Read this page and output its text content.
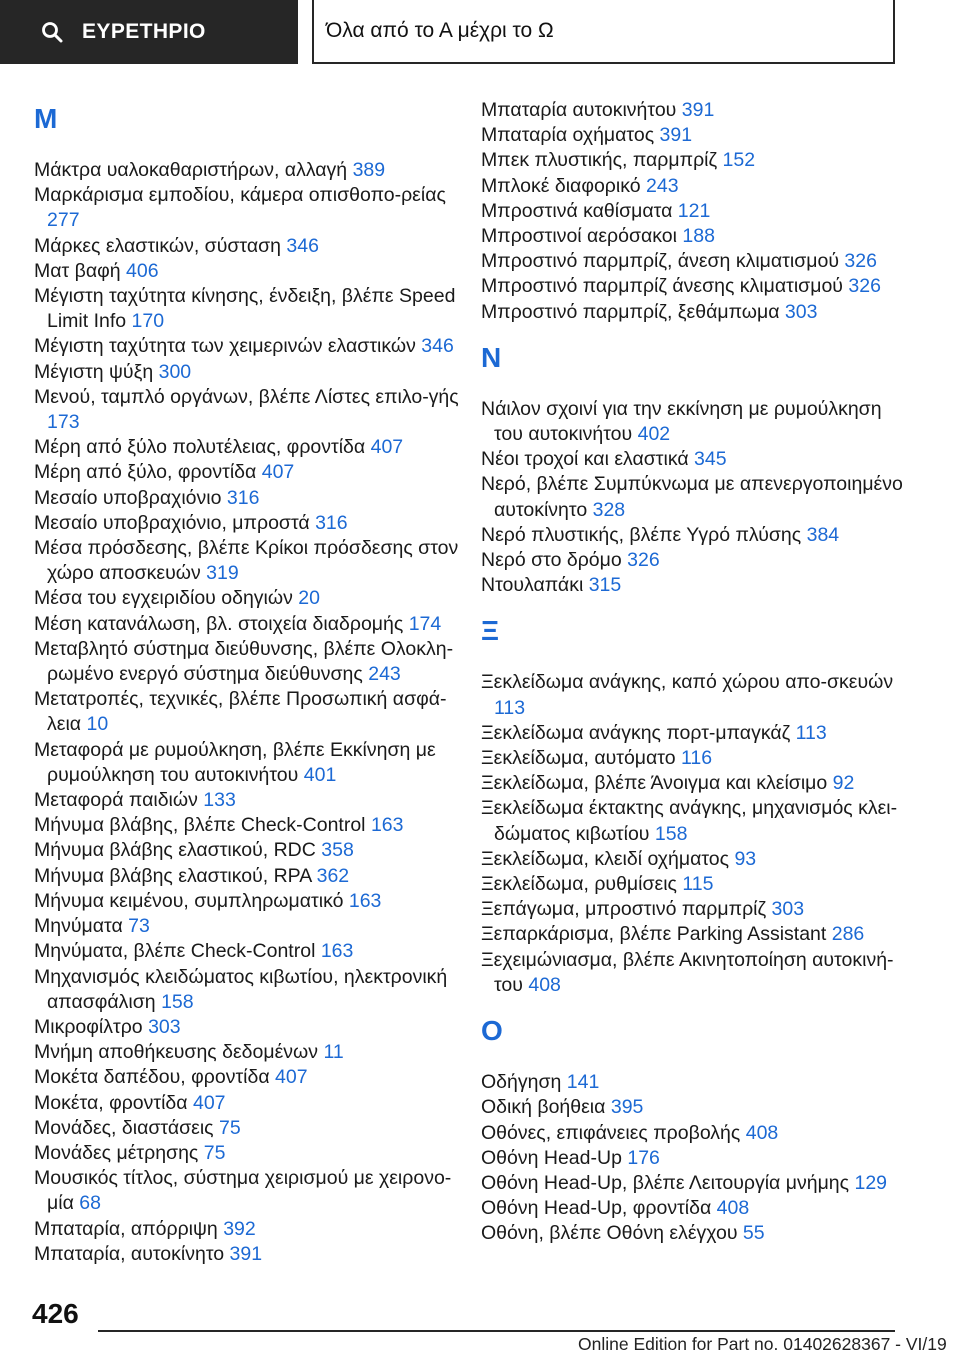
ΕΥΡΕΤΗΡΙΟ	Όλα από το Α μέχρι το Ω
M
Μάκτρα υαλοκαθαριστήρων, αλλαγή 389
Μαρκάρισμα εμποδίου, κάμερα οπισθοπο-ρείας 277
Μάρκες ελαστικών, σύσταση 346
Ματ βαφή 406
Μέγιστη ταχύτητα κίνησης, ένδειξη, βλέπε Speed Limit Info 170
Μέγιστη ταχύτητα των χειμερινών ελαστικών 346
Μέγιστη ψύξη 300
Μενού, ταμπλό οργάνων, βλέπε Λίστες επιλο-γής 173
Μέρη από ξύλο πολυτέλειας, φροντίδα 407
Μέρη από ξύλο, φροντίδα 407
Μεσαίο υποβραχιόνιο 316
Μεσαίο υποβραχιόνιο, μπροστά 316
Μέσα πρόσδεσης, βλέπε Κρίκοι πρόσδεσης στον χώρο αποσκευών 319
Μέσα του εγχειριδίου οδηγιών 20
Μέση κατανάλωση, βλ. στοιχεία διαδρομής 174
Μεταβλητό σύστημα διεύθυνσης, βλέπε Ολοκλη-ρωμένο ενεργό σύστημα διεύθυνσης 243
Μετατροπές, τεχνικές, βλέπε Προσωπική ασφά-λεια 10
Μεταφορά με ρυμούλκηση, βλέπε Εκκίνηση με ρυμούλκηση του αυτοκινήτου 401
Μεταφορά παιδιών 133
Μήνυμα βλάβης, βλέπε Check-Control 163
Μήνυμα βλάβης ελαστικού, RDC 358
Μήνυμα βλάβης ελαστικού, RPA 362
Μήνυμα κειμένου, συμπληρωματικό 163
Μηνύματα 73
Μηνύματα, βλέπε Check-Control 163
Μηχανισμός κλειδώματος κιβωτίου, ηλεκτρονική απασφάλιση 158
Μικροφίλτρο 303
Μνήμη αποθήκευσης δεδομένων 11
Μοκέτα δαπέδου, φροντίδα 407
Μοκέτα, φροντίδα 407
Μονάδες, διαστάσεις 75
Μονάδες μέτρησης 75
Μουσικός τίτλος, σύστημα χειρισμού με χειρονο-μία 68
Μπαταρία, απόρριψη 392
Μπαταρία, αυτοκίνητο 391
Μπαταρία αυτοκινήτου 391
Μπαταρία οχήματος 391
Μπεκ πλυστικής, παρμπρίζ 152
Μπλοκέ διαφορικό 243
Μπροστινά καθίσματα 121
Μπροστινοί αερόσακοι 188
Μπροστινό παρμπρίζ, άνεση κλιματισμού 326
Μπροστινό παρμπρίζ άνεσης κλιματισμού 326
Μπροστινό παρμπρίζ, ξεθάμπωμα 303
N
Νάιλον σχοινί για την εκκίνηση με ρυμούλκηση του αυτοκινήτου 402
Νέοι τροχοί και ελαστικά 345
Νερό, βλέπε Συμπύκνωμα με απενεργοποιημένο αυτοκίνητο 328
Νερό πλυστικής, βλέπε Υγρό πλύσης 384
Νερό στο δρόμο 326
Ντουλαπάκι 315
Ξ
Ξεκλείδωμα ανάγκης, καπό χώρου απο-σκευών 113
Ξεκλείδωμα ανάγκης πορτ-μπαγκάζ 113
Ξεκλείδωμα, αυτόματο 116
Ξεκλείδωμα, βλέπε Άνοιγμα και κλείσιμο 92
Ξεκλείδωμα έκτακτης ανάγκης, μηχανισμός κλει-δώματος κιβωτίου 158
Ξεκλείδωμα, κλειδί οχήματος 93
Ξεκλείδωμα, ρυθμίσεις 115
Ξεπάγωμα, μπροστινό παρμπρίζ 303
Ξεπαρκάρισμα, βλέπε Parking Assistant 286
Ξεχειμώνιασμα, βλέπε Ακινητοποίηση αυτοκινή-του 408
O
Οδήγηση 141
Οδική βοήθεια 395
Οθόνες, επιφάνειες προβολής 408
Οθόνη Head-Up 176
Οθόνη Head-Up, βλέπε Λειτουργία μνήμης 129
Οθόνη Head-Up, φροντίδα 408
Οθόνη, βλέπε Οθόνη ελέγχου 55
426
Online Edition for Part no. 01402628367 - VI/19
